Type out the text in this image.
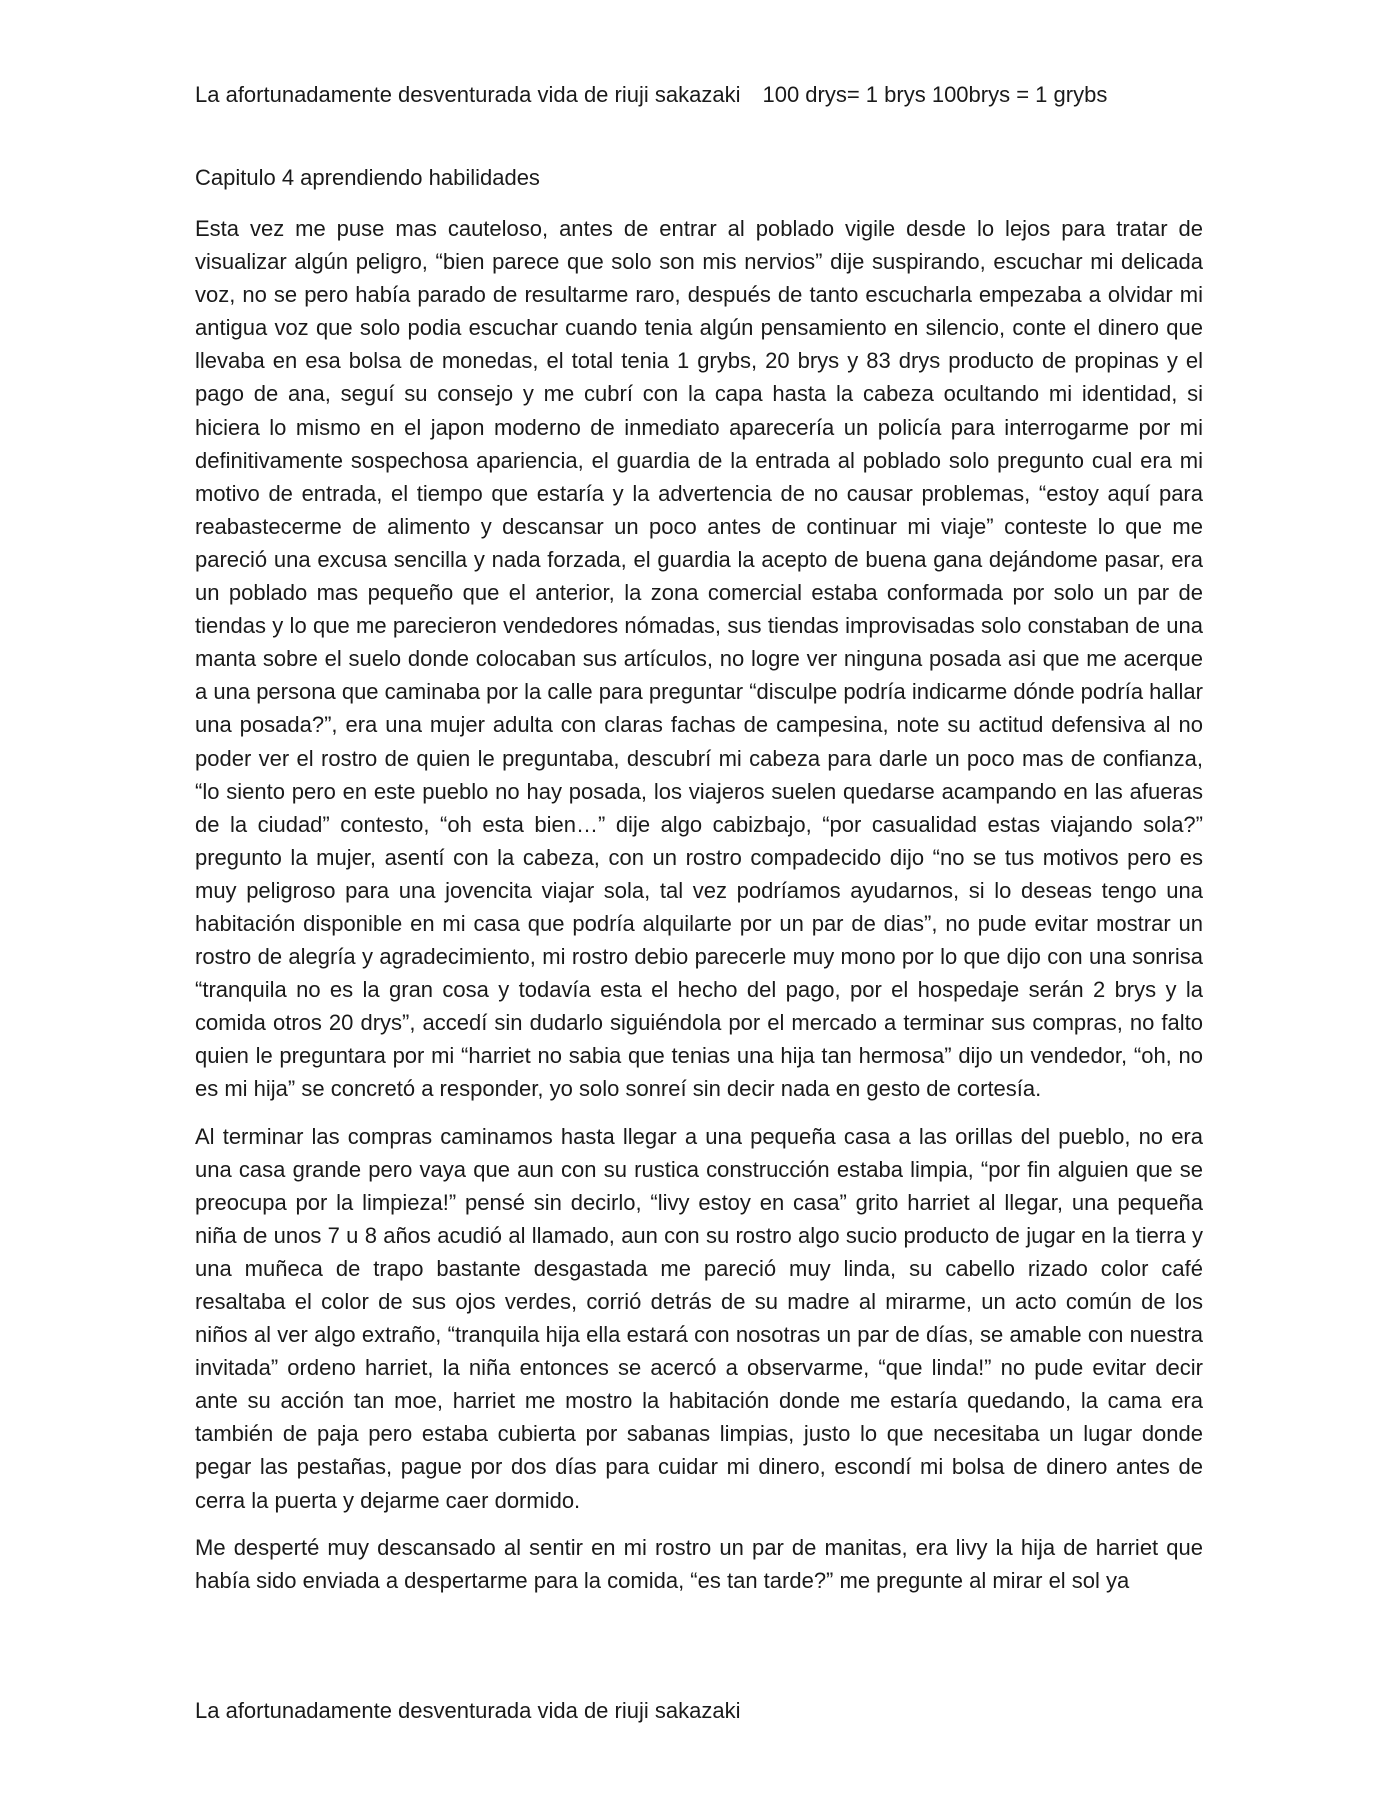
La afortunadamente desventurada vida de riuji sakazaki 100 drys= 1 brys 100brys = 1 grybs
Capitulo 4 aprendiendo habilidades

Esta vez me puse mas cauteloso, antes de entrar al poblado vigile desde lo lejos para tratar de visualizar algún peligro, “bien parece que solo son mis nervios” dije suspirando, escuchar mi delicada voz, no se pero había parado de resultarme raro, después de tanto escucharla empezaba a olvidar mi antigua voz que solo podia escuchar cuando tenia algún pensamiento en silencio, conte el dinero que llevaba en esa bolsa de monedas, el total tenia 1 grybs, 20 brys y 83 drys producto de propinas y el pago de ana, seguí su consejo y me cubrí con la capa hasta la cabeza ocultando mi identidad, si hiciera lo mismo en el japon moderno de inmediato aparecería un policía para interrogarme por mi definitivamente sospechosa apariencia, el guardia de la entrada al poblado solo pregunto cual era mi motivo de entrada, el tiempo que estaría y la advertencia de no causar problemas, “estoy aquí para reabastecerme de alimento y descansar un poco antes de continuar mi viaje” conteste lo que me pareció una excusa sencilla y nada forzada, el guardia la acepto de buena gana dejándome pasar, era un poblado mas pequeño que el anterior, la zona comercial estaba conformada por solo un par de tiendas y lo que me parecieron vendedores nómadas, sus tiendas improvisadas solo constaban de una manta sobre el suelo donde colocaban sus artículos, no logre ver ninguna posada asi que me acerque a una persona que caminaba por la calle para preguntar “disculpe podría indicarme dónde podría hallar una posada?”, era una mujer adulta con claras fachas de campesina, note su actitud defensiva al no poder ver el rostro de quien le preguntaba, descubrí mi cabeza para darle un poco mas de confianza, “lo siento pero en este pueblo no hay posada, los viajeros suelen quedarse acampando en las afueras de la ciudad” contesto, “oh esta bien…” dije algo cabizbajo, “por casualidad estas viajando sola?” pregunto la mujer, asentí con la cabeza, con un rostro compadecido dijo “no se tus motivos pero es muy peligroso para una jovencita viajar sola, tal vez podríamos ayudarnos, si lo deseas tengo una habitación disponible en mi casa que podría alquilarte por un par de dias”, no pude evitar mostrar un rostro de alegría y agradecimiento, mi rostro debio parecerle muy mono por lo que dijo con una sonrisa “tranquila no es la gran cosa y todavía esta el hecho del pago, por el hospedaje serán 2 brys y la comida otros 20 drys”, accedí sin dudarlo siguiéndola por el mercado a terminar sus compras, no falto quien le preguntara por mi “harriet no sabia que tenias una hija tan hermosa” dijo un vendedor, “oh, no es mi hija” se concretó a responder, yo solo sonreí sin decir nada en gesto de cortesía.

Al terminar las compras caminamos hasta llegar a una pequeña casa a las orillas del pueblo, no era una casa grande pero vaya que aun con su rustica construcción estaba limpia, “por fin alguien que se preocupa por la limpieza!” pensé sin decirlo, “livy estoy en casa” grito harriet al llegar, una pequeña niña de unos 7 u 8 años acudió al llamado, aun con su rostro algo sucio producto de jugar en la tierra y una muñeca de trapo bastante desgastada me pareció muy linda, su cabello rizado color café resaltaba el color de sus ojos verdes, corrió detrás de su madre al mirarme, un acto común de los niños al ver algo extraño, “tranquila hija ella estará con nosotras un par de días, se amable con nuestra invitada” ordeno harriet, la niña entonces se acercó a observarme, “que linda!” no pude evitar decir ante su acción tan moe, harriet me mostro la habitación donde me estaría quedando, la cama era también de paja pero estaba cubierta por sabanas limpias, justo lo que necesitaba un lugar donde pegar las pestañas, pague por dos días para cuidar mi dinero, escondí mi bolsa de dinero antes de cerra la puerta y dejarme caer dormido.

Me desperté muy descansado al sentir en mi rostro un par de manitas, era livy la hija de harriet que había sido enviada a despertarme para la comida, “es tan tarde?” me pregunte al mirar el sol ya

La afortunadamente desventurada vida de riuji sakazaki
